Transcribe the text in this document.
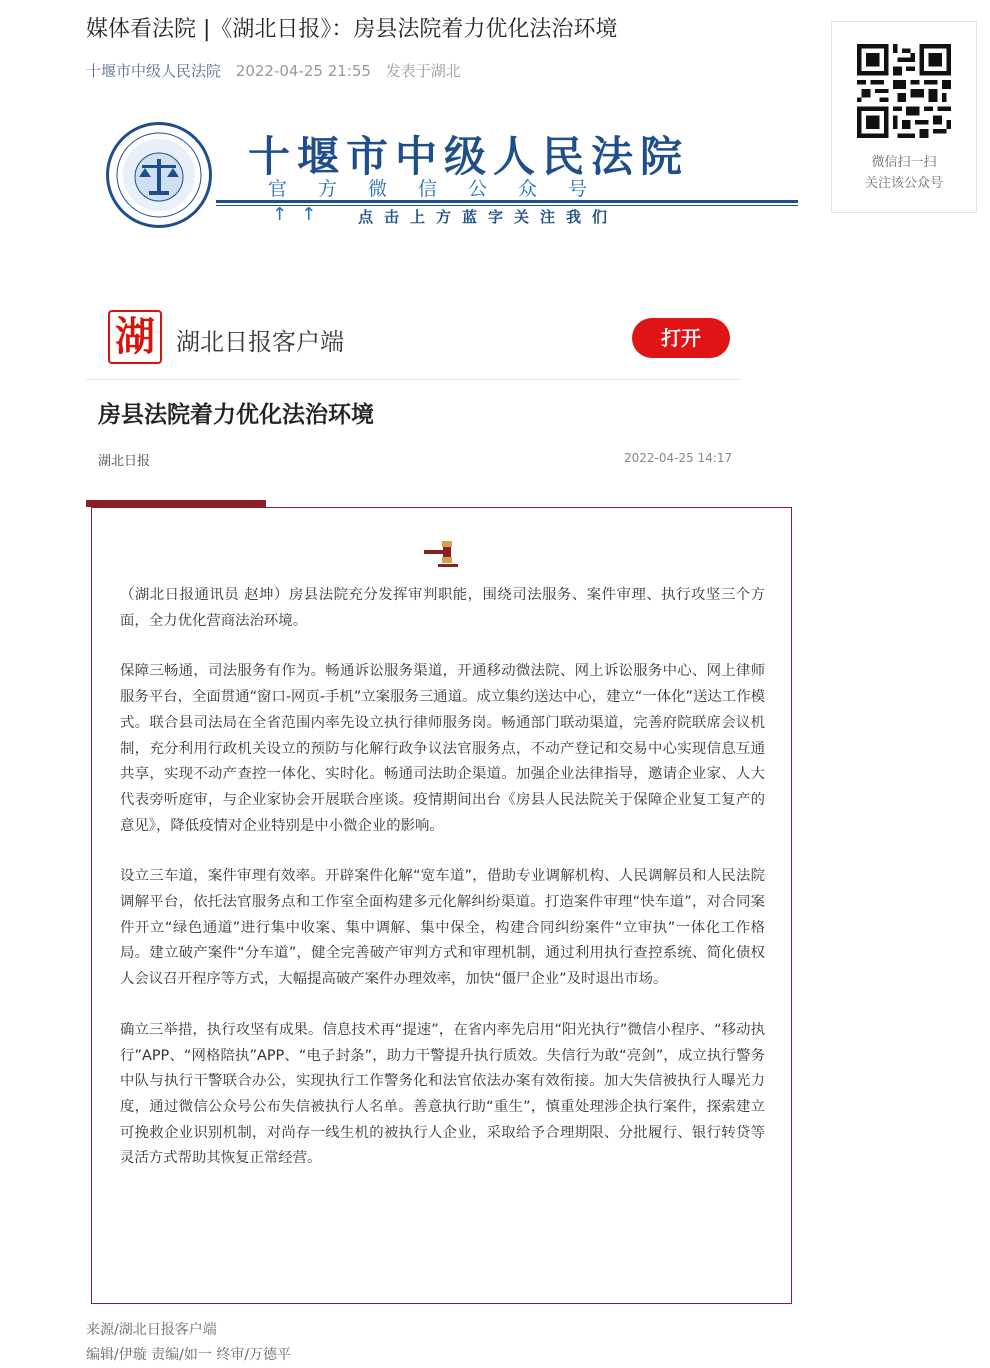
媒体看法院 |《湖北日报》：房县法院着力优化法治环境
十堰市中级人民法院 2022-04-25 21:55 发表于湖北
十堰市中级人民法院
官方微信公众号
↑↑ 点击上方蓝字关注我们
微信扫一扫
关注该公众号
湖 湖北日报客户端	打开
房县法院着力优化法治环境
湖北日报	2022-04-25 14:17

（湖北日报通讯员 赵坤）房县法院充分发挥审判职能，围绕司法服务、案件审理、执行攻坚三个方面，全力优化营商法治环境。

保障三畅通，司法服务有作为。畅通诉讼服务渠道，开通移动微法院、网上诉讼服务中心、网上律师服务平台，全面贯通“窗口-网页-手机”立案服务三通道。成立集约送达中心，建立“一体化”送达工作模式。联合县司法局在全省范围内率先设立执行律师服务岗。畅通部门联动渠道，完善府院联席会议机制，充分利用行政机关设立的预防与化解行政争议法官服务点，不动产登记和交易中心实现信息互通共享，实现不动产查控一体化、实时化。畅通司法助企渠道。加强企业法律指导，邀请企业家、人大代表旁听庭审，与企业家协会开展联合座谈。疫情期间出台《房县人民法院关于保障企业复工复产的意见》，降低疫情对企业特别是中小微企业的影响。

设立三车道，案件审理有效率。开辟案件化解“宽车道”，借助专业调解机构、人民调解员和人民法院调解平台，依托法官服务点和工作室全面构建多元化解纠纷渠道。打造案件审理“快车道”，对合同案件开立“绿色通道”进行集中收案、集中调解、集中保全，构建合同纠纷案件“立审执”一体化工作格局。建立破产案件“分车道”，健全完善破产审判方式和审理机制，通过利用执行查控系统、简化债权人会议召开程序等方式，大幅提高破产案件办理效率，加快“僵尸企业”及时退出市场。

确立三举措，执行攻坚有成果。信息技术再“提速”，在省内率先启用“阳光执行”微信小程序、“移动执行”APP、“网格陪执”APP、“电子封条”，助力干警提升执行质效。失信行为敢“亮剑”，成立执行警务中队与执行干警联合办公，实现执行工作警务化和法官依法办案有效衔接。加大失信被执行人曝光力度，通过微信公众号公布失信被执行人名单。善意执行助“重生”，慎重处理涉企执行案件，探索建立可挽救企业识别机制，对尚存一线生机的被执行人企业，采取给予合理期限、分批履行、银行转贷等灵活方式帮助其恢复正常经营。

来源/湖北日报客户端
编辑/伊璇 责编/如一 终审/万德平
